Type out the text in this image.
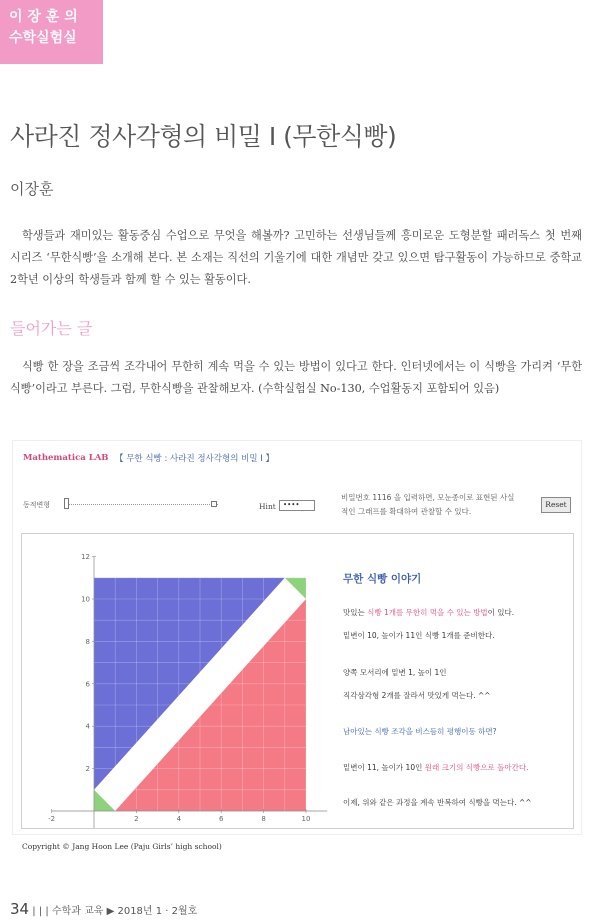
이 장 훈 의
수학실험실
사라진 정사각형의 비밀 I (무한식빵)
이장훈
학생들과 재미있는 활동중심 수업으로 무엇을 해볼까? 고민하는 선생님들께 흥미로운 도형분할 패러독스 첫 번째 시리즈 ‘무한식빵’을 소개해 본다. 본 소재는 직선의 기울기에 대한 개념만 갖고 있으면 탐구활동이 가능하므로 중학교 2학년 이상의 학생들과 함께 할 수 있는 활동이다.
들어가는 글
식빵 한 장을 조금씩 조각내어 무한히 계속 먹을 수 있는 방법이 있다고 한다. 인터넷에서는 이 식빵을 가리켜 ‘무한식빵’이라고 부른다. 그럼, 무한식빵을 관찰해보자. (수학실험실 No-130, 수업활동지 포함되어 있음)
Mathematica LAB 【 무한 식빵 : 사라진 정사각형의 비밀 I 】
동적변형	Hint	••••
비밀번호 1116 을 입력하면, 모눈종이로 표현된 사실적인 그래프를 확대하여 관찰할 수 있다.
Reset
-2	2	4	6	8	10
2
4
6
8
10
12
무한 식빵 이야기
맛있는 식빵 1개를 무한히 먹을 수 있는 방법이 있다.
밑변이 10, 높이가 11인 식빵 1개를 준비한다.
양쪽 모서리에 밑변 1, 높이 1인
직각삼각형 2개를 잘라서 맛있게 먹는다. ^^
남아있는 식빵 조각을 비스듬히 평행이동 하면?
밑변이 11, 높이가 10인 원래 크기의 식빵으로 돌아간다.
이제, 위와 같은 과정을 계속 반복하여 식빵을 먹는다. ^^
Copyright © Jang Hoon Lee (Paju Girls’ high school)
34 | | | 수학과 교육 ▶ 2018년 1 · 2월호
